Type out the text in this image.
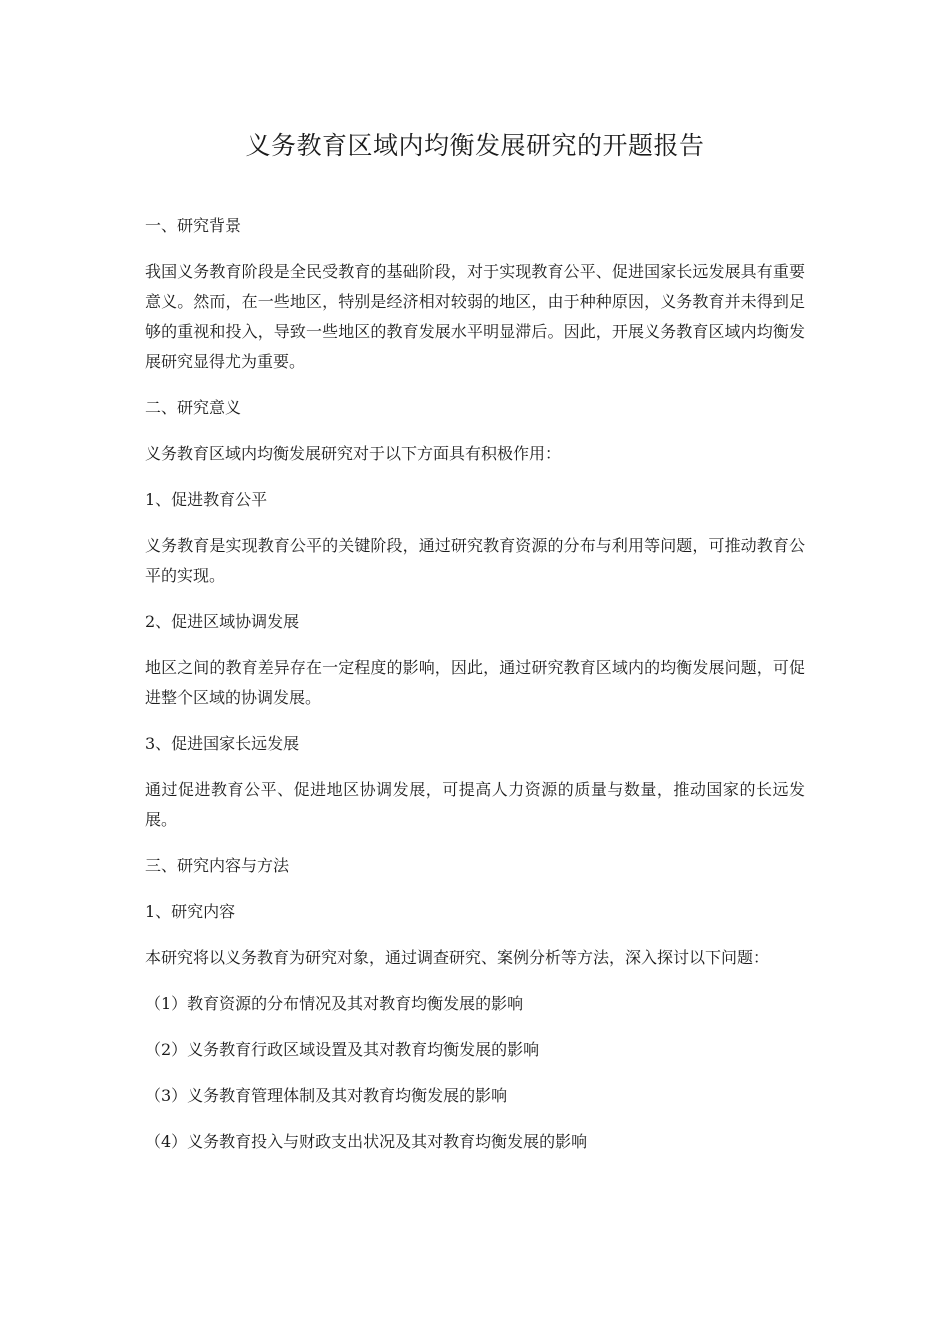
义务教育区域内均衡发展研究的开题报告
一、研究背景
我国义务教育阶段是全民受教育的基础阶段，对于实现教育公平、促进国家长远发展具有重要意义。然而，在一些地区，特别是经济相对较弱的地区，由于种种原因，义务教育并未得到足够的重视和投入，导致一些地区的教育发展水平明显滞后。因此，开展义务教育区域内均衡发展研究显得尤为重要。
二、研究意义
义务教育区域内均衡发展研究对于以下方面具有积极作用：
1、促进教育公平
义务教育是实现教育公平的关键阶段，通过研究教育资源的分布与利用等问题，可推动教育公平的实现。
2、促进区域协调发展
地区之间的教育差异存在一定程度的影响，因此，通过研究教育区域内的均衡发展问题，可促进整个区域的协调发展。
3、促进国家长远发展
通过促进教育公平、促进地区协调发展，可提高人力资源的质量与数量，推动国家的长远发展。
三、研究内容与方法
1、研究内容
本研究将以义务教育为研究对象，通过调查研究、案例分析等方法，深入探讨以下问题：
（1）教育资源的分布情况及其对教育均衡发展的影响
（2）义务教育行政区域设置及其对教育均衡发展的影响
（3）义务教育管理体制及其对教育均衡发展的影响
（4）义务教育投入与财政支出状况及其对教育均衡发展的影响
